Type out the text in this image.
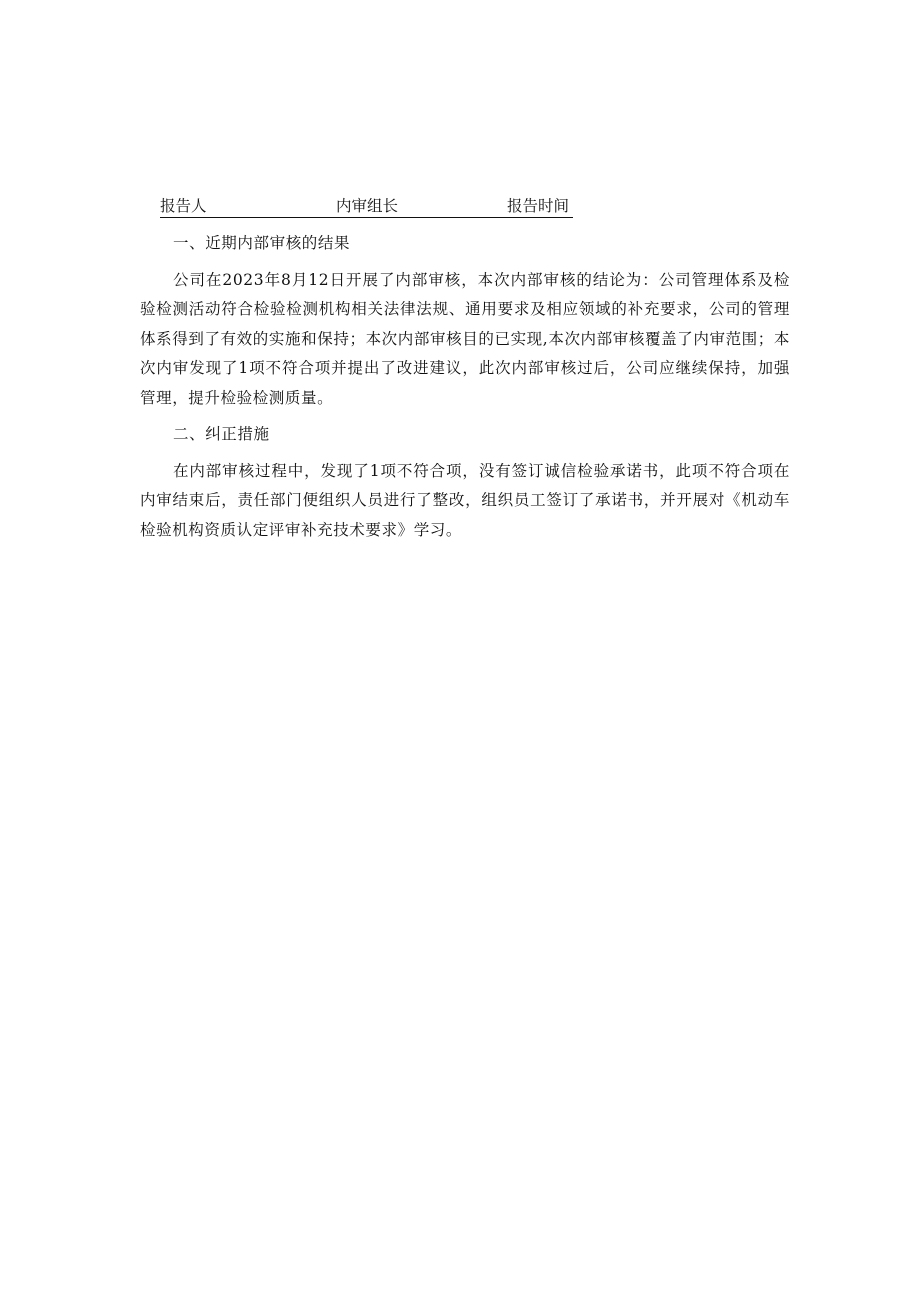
报告人	内审组长	报告时间
一、近期内部审核的结果

公司在2023年8月12日开展了内部审核，本次内部审核的结论为：公司管理体系及检验检测活动符合检验检测机构相关法律法规、通用要求及相应领域的补充要求，公司的管理体系得到了有效的实施和保持；本次内部审核目的已实现,本次内部审核覆盖了内审范围；本次内审发现了1项不符合项并提出了改进建议，此次内部审核过后，公司应继续保持，加强管理，提升检验检测质量。

二、纠正措施

在内部审核过程中，发现了1项不符合项，没有签订诚信检验承诺书，此项不符合项在内审结束后，责任部门便组织人员进行了整改，组织员工签订了承诺书，并开展对《机动车检验机构资质认定评审补充技术要求》学习。
